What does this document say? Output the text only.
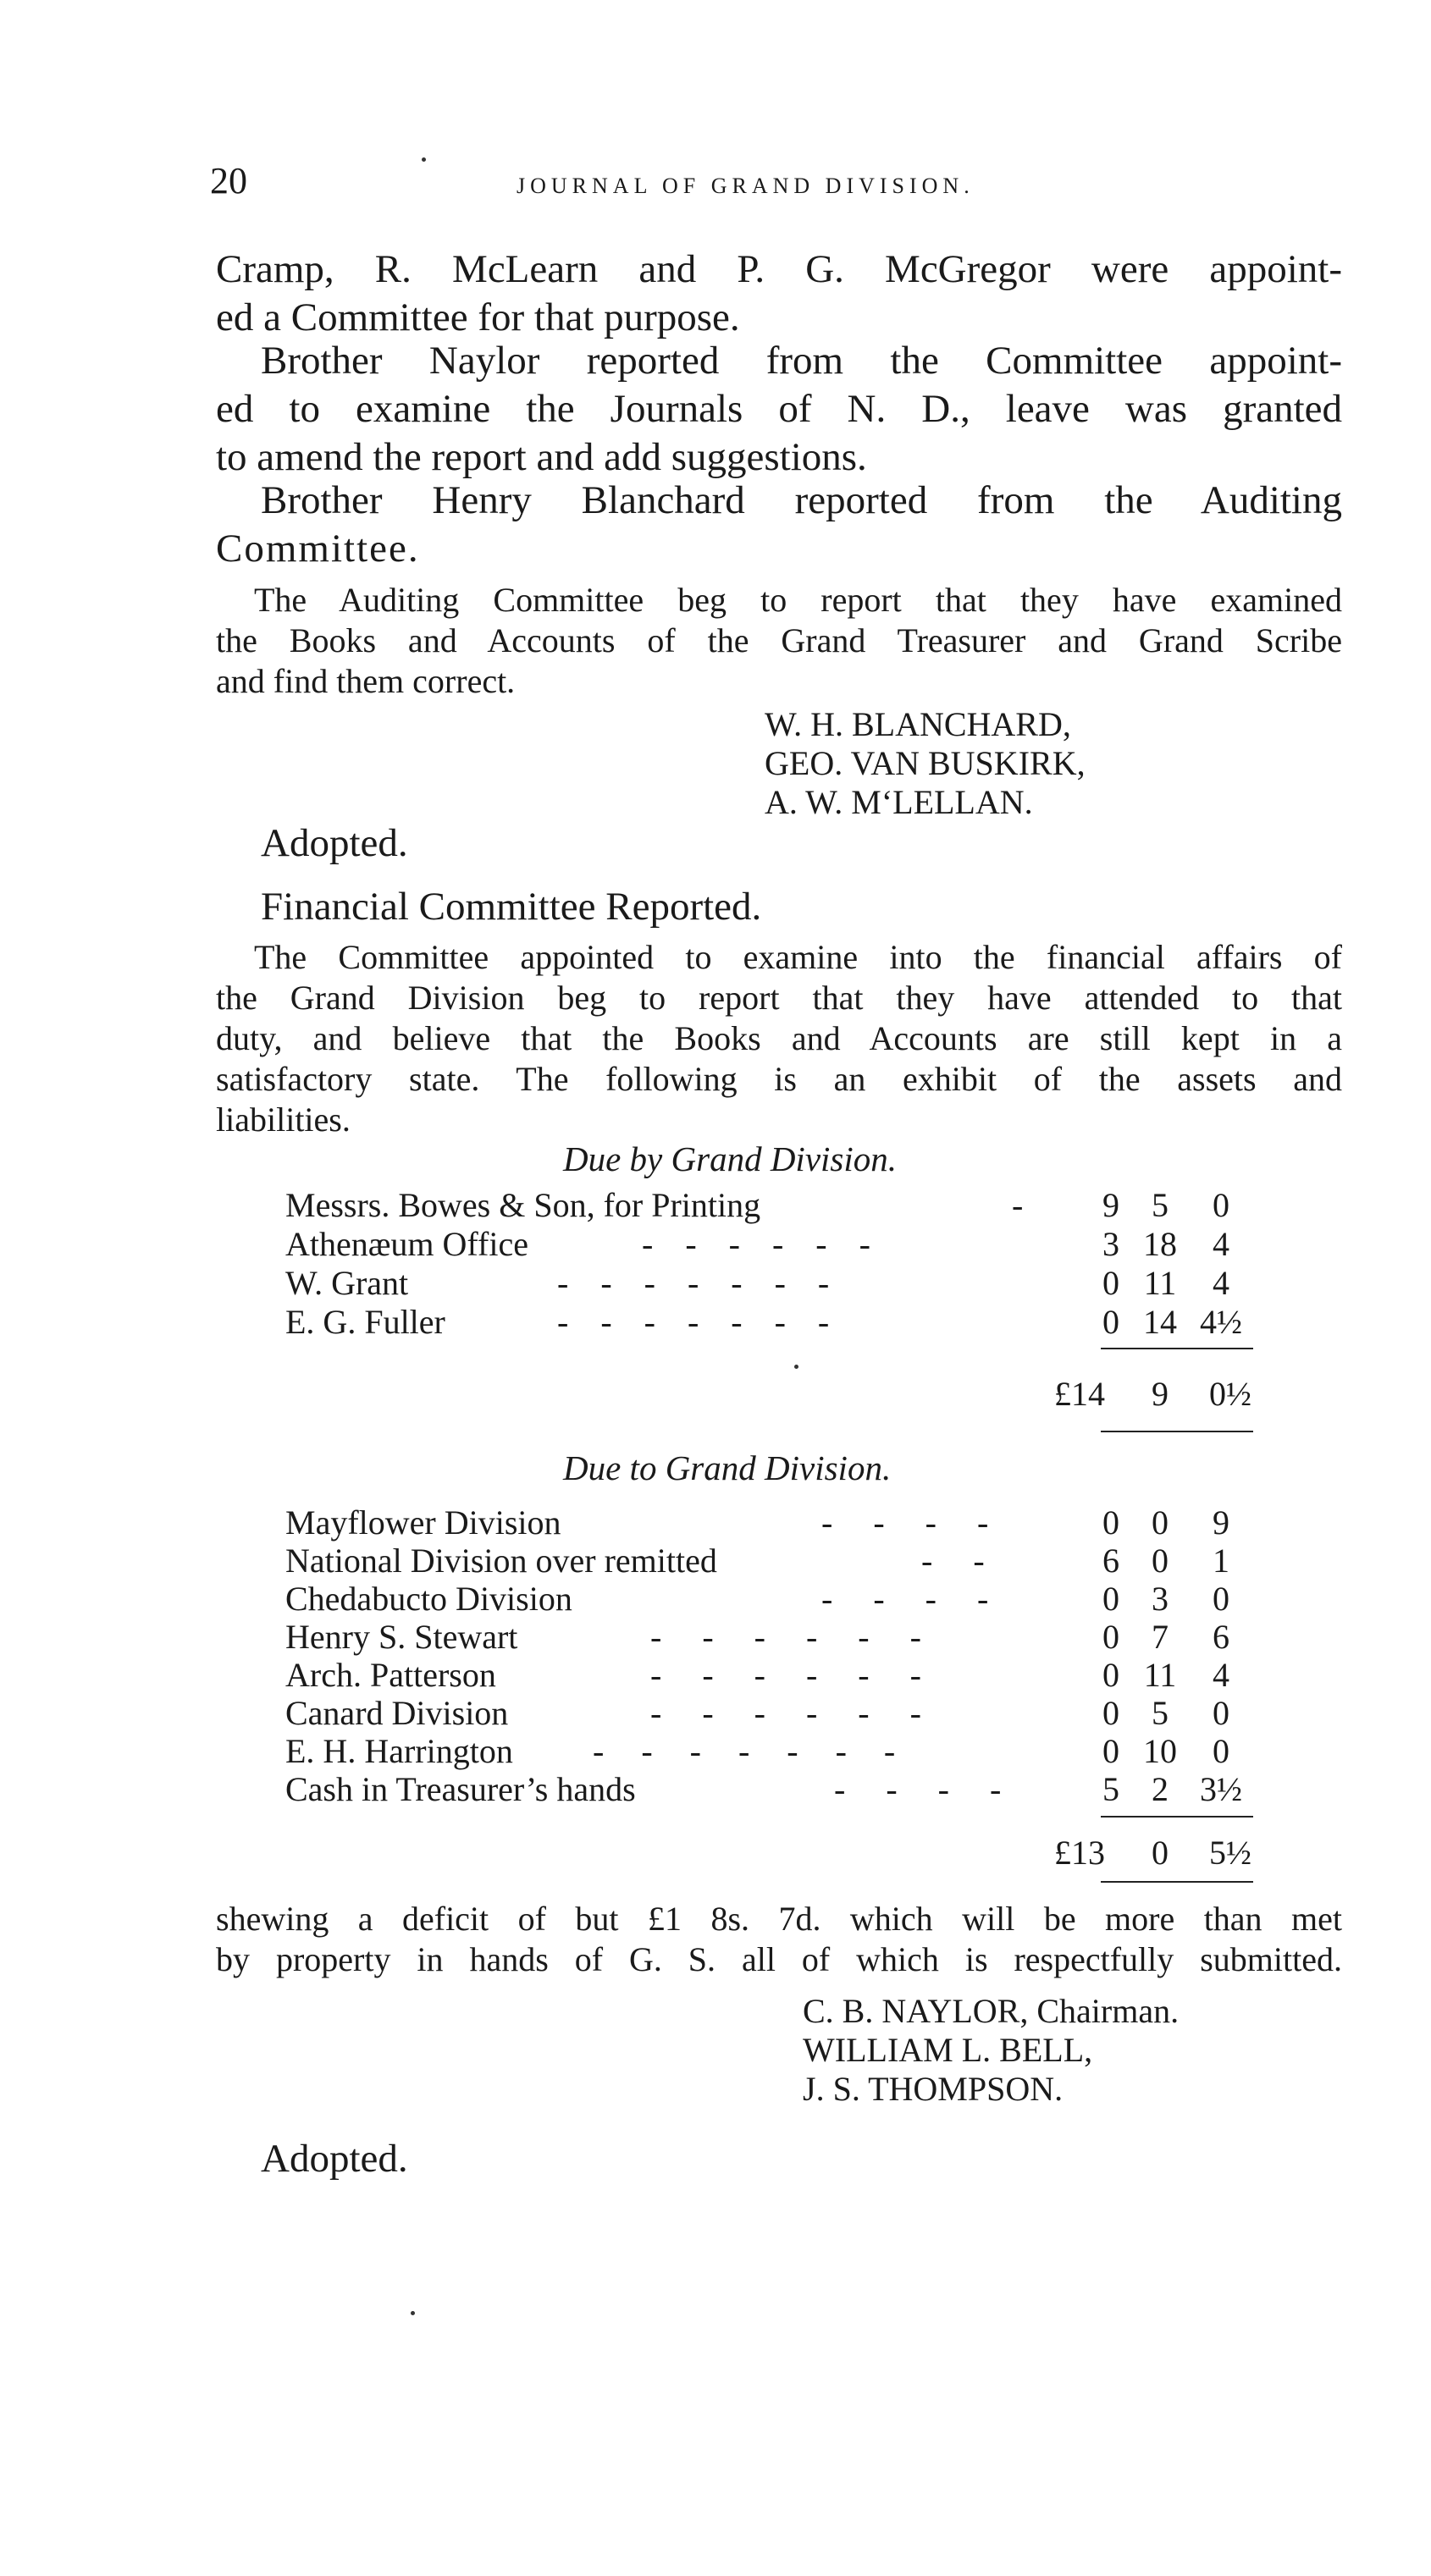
20	JOURNAL OF GRAND DIVISION.
Cramp, R. McLearn and P. G. McGregor were appoint-
ed a Committee for that purpose.
Brother Naylor reported from the Committee appoint-
ed to examine the Journals of N. D., leave was granted
to amend the report and add suggestions.
Brother Henry Blanchard reported from the Auditing
Committee.
The Auditing Committee beg to report that they have examined
the Books and Accounts of the Grand Treasurer and Grand Scribe
and find them correct.
W. H. BLANCHARD,
GEO. VAN BUSKIRK,
A. W. M‘LELLAN.
Adopted.
Financial Committee Reported.
The Committee appointed to examine into the financial affairs of
the Grand Division beg to report that they have attended to that
duty, and believe that the Books and Accounts are still kept in a
satisfactory state. The following is an exhibit of the assets and
liabilities.
Due by Grand Division.
Messrs. Bowes & Son, for Printing	-	9 5	0
Athenæum Office	- - - - - -	3 18	4
W. Grant	- - - - - - -	0 11	4
E. G. Fuller	- - - - - - -	0 14 4½
£14 9 0½
Due to Grand Division.
Mayflower Division	- - - -	0 0	9
National Division over remitted	- -	6 0	1
Chedabucto Division	- - - -	0 3	0
Henry S. Stewart	- - - - - -	0 7	6
Arch. Patterson	- - - - - -	0 11	4
Canard Division	- - - - - -	0 5	0
E. H. Harrington - - - - - - -	0 10	0
Cash in Treasurer’s hands	- - - -	5 2 3½
£13 0 5½
shewing a deficit of but £1 8s. 7d. which will be more than met
by property in hands of G. S. all of which is respectfully submitted.
C. B. NAYLOR, Chairman.
WILLIAM L. BELL,
J. S. THOMPSON.
Adopted.
